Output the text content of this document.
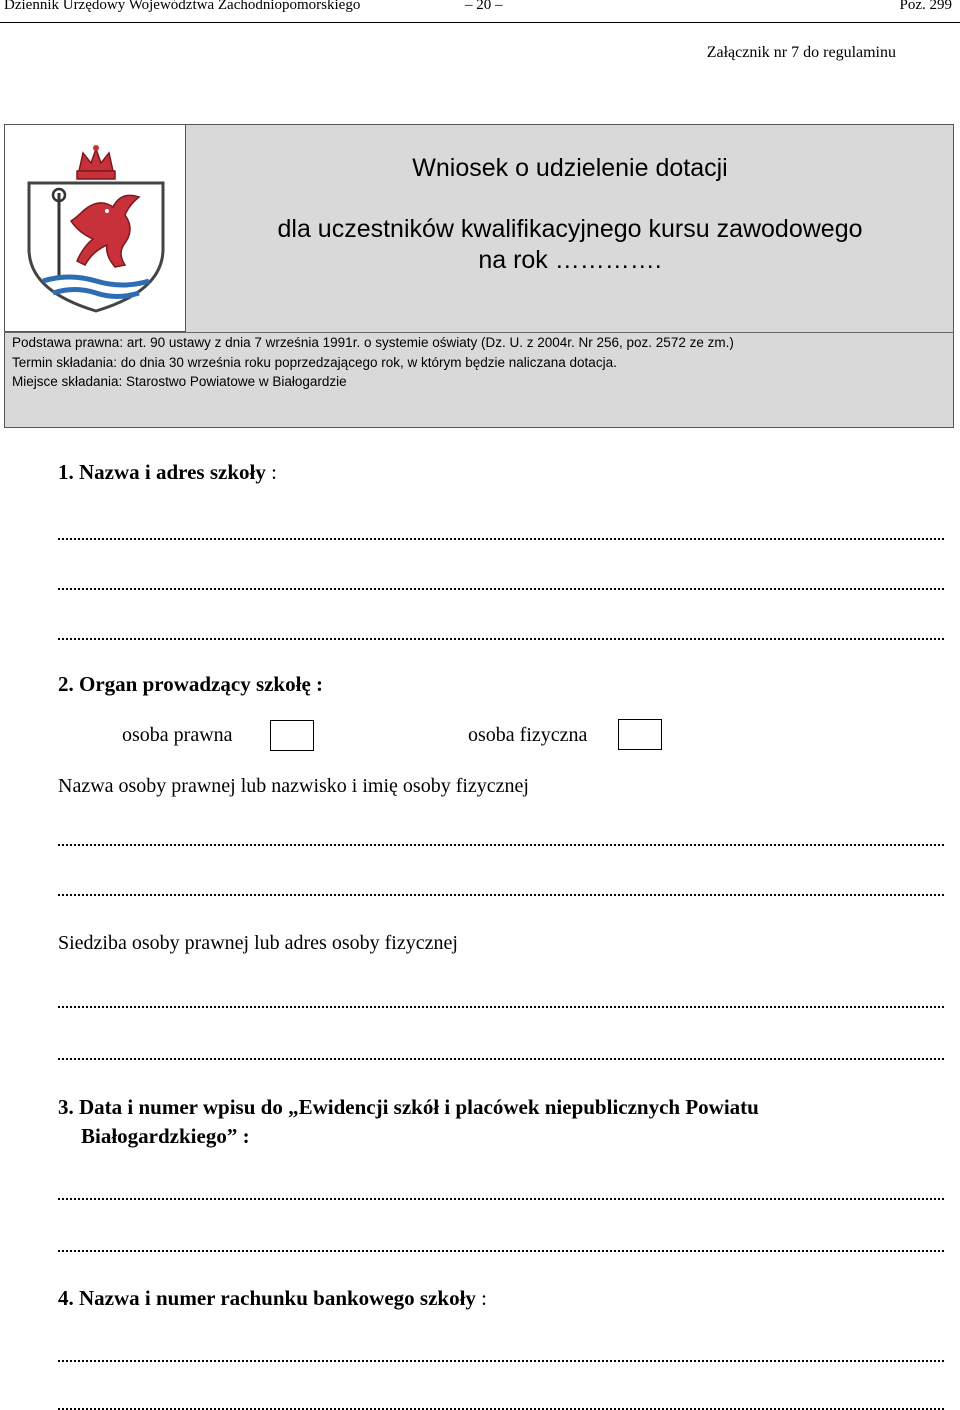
Dziennik Urzędowy Województwa Zachodniopomorskiego	– 20 –	Poz. 299
Załącznik nr 7 do regulaminu
Wniosek o udzielenie dotacji
dla uczestników kwalifikacyjnego kursu zawodowego
na rok ………….
Podstawa prawna: art. 90 ustawy z dnia 7 września 1991r. o systemie oświaty (Dz. U. z 2004r. Nr 256, poz. 2572 ze zm.)
Termin składania: do dnia 30 września roku poprzedzającego rok, w którym będzie naliczana dotacja.
Miejsce składania: Starostwo Powiatowe w Białogardzie
1. Nazwa i adres szkoły :
2. Organ prowadzący szkołę :
osoba prawna	osoba fizyczna
Nazwa osoby prawnej lub nazwisko i imię osoby fizycznej
Siedziba osoby prawnej lub adres osoby fizycznej
3. Data i numer wpisu do „Ewidencji szkół i placówek niepublicznych Powiatu
Białogardzkiego” :
4. Nazwa i numer rachunku bankowego szkoły :
